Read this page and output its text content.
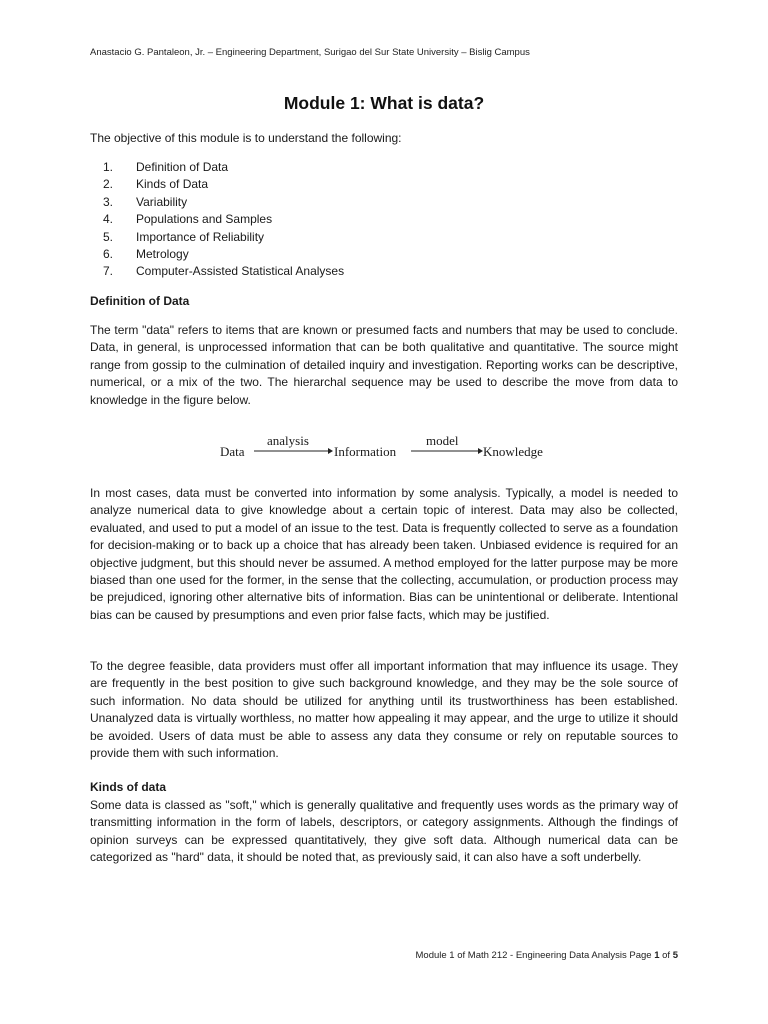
Anastacio G. Pantaleon, Jr. – Engineering Department, Surigao del Sur State University – Bislig Campus
Module 1: What is data?
The objective of this module is to understand the following:
1. Definition of Data
2. Kinds of Data
3. Variability
4. Populations and Samples
5. Importance of Reliability
6. Metrology
7. Computer-Assisted Statistical Analyses
Definition of Data

The term "data" refers to items that are known or presumed facts and numbers that may be used to conclude. Data, in general, is unprocessed information that can be both qualitative and quantitative. The source might range from gossip to the culmination of detailed inquiry and investigation. Reporting works can be descriptive, numerical, or a mix of the two. The hierarchal sequence may be used to describe the move from data to knowledge in the figure below.

Data
analysis
Information
model
Knowledge

In most cases, data must be converted into information by some analysis. Typically, a model is needed to analyze numerical data to give knowledge about a certain topic of interest. Data may also be collected, evaluated, and used to put a model of an issue to the test. Data is frequently collected to serve as a foundation for decision-making or to back up a choice that has already been taken. Unbiased evidence is required for an objective judgment, but this should never be assumed. A method employed for the latter purpose may be more biased than one used for the former, in the sense that the collecting, accumulation, or production process may be prejudiced, ignoring other alternative bits of information. Bias can be unintentional or deliberate. Intentional bias can be caused by presumptions and even prior false facts, which may be justified.

To the degree feasible, data providers must offer all important information that may influence its usage. They are frequently in the best position to give such background knowledge, and they may be the sole source of such information. No data should be utilized for anything until its trustworthiness has been established. Unanalyzed data is virtually worthless, no matter how appealing it may appear, and the urge to utilize it should be avoided. Users of data must be able to assess any data they consume or rely on reputable sources to provide them with such information.

Kinds of data

Some data is classed as "soft," which is generally qualitative and frequently uses words as the primary way of transmitting information in the form of labels, descriptors, or category assignments. Although the findings of opinion surveys can be expressed quantitatively, they give soft data. Although numerical data can be categorized as "hard" data, it should be noted that, as previously said, it can also have a soft underbelly.

Module 1 of Math 212 - Engineering Data Analysis Page 1 of 5
